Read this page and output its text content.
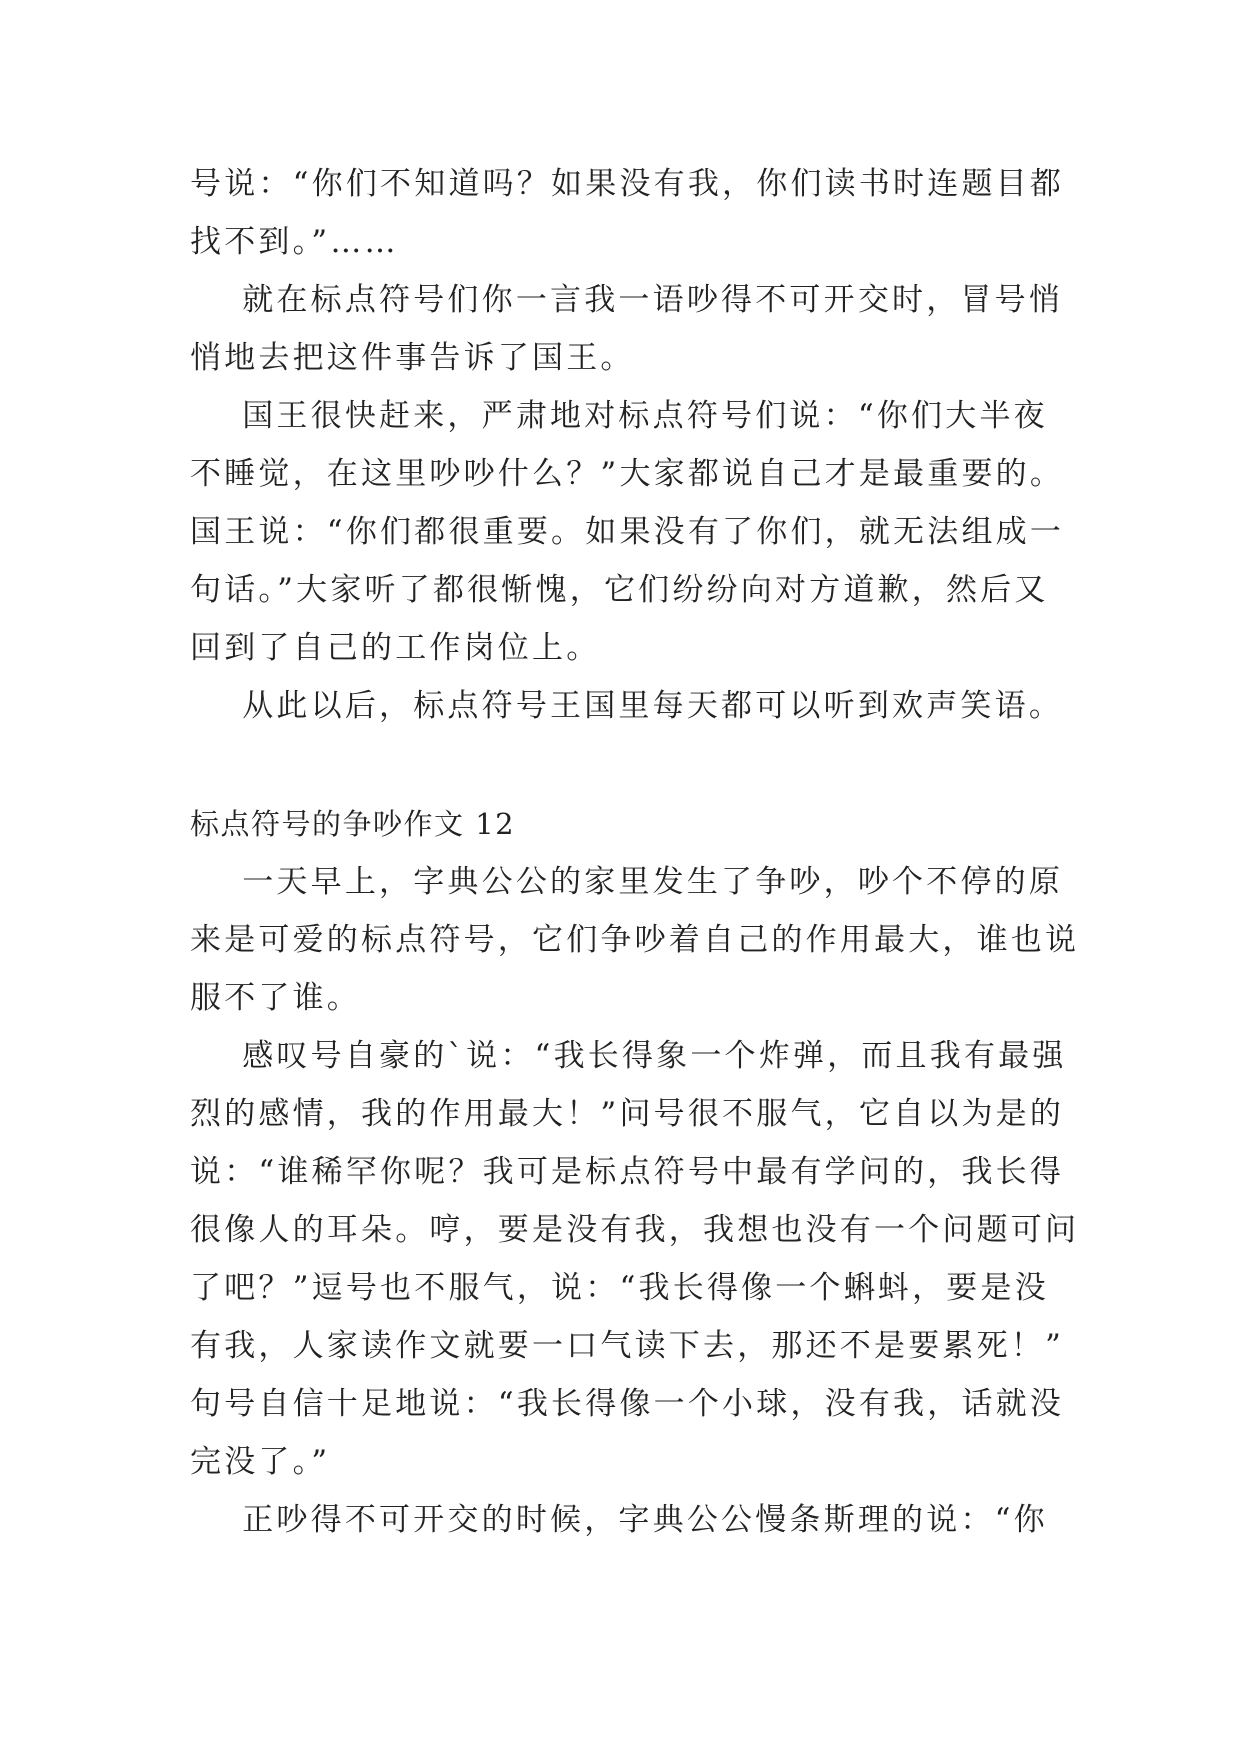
号说：“你们不知道吗？如果没有我，你们读书时连题目都
找不到。”……
就在标点符号们你一言我一语吵得不可开交时，冒号悄
悄地去把这件事告诉了国王。
国王很快赶来，严肃地对标点符号们说：“你们大半夜
不睡觉，在这里吵吵什么？”大家都说自己才是最重要的。
国王说：“你们都很重要。如果没有了你们，就无法组成一
句话。”大家听了都很惭愧，它们纷纷向对方道歉，然后又
回到了自己的工作岗位上。
从此以后，标点符号王国里每天都可以听到欢声笑语。
标点符号的争吵作文 12
一天早上，字典公公的家里发生了争吵，吵个不停的原
来是可爱的标点符号，它们争吵着自己的作用最大，谁也说
服不了谁。
感叹号自豪的`说：“我长得象一个炸弹，而且我有最强
烈的感情，我的作用最大！”问号很不服气，它自以为是的
说：“谁稀罕你呢？我可是标点符号中最有学问的，我长得
很像人的耳朵。哼，要是没有我，我想也没有一个问题可问
了吧？”逗号也不服气，说：“我长得像一个蝌蚪，要是没
有我，人家读作文就要一口气读下去，那还不是要累死！”
句号自信十足地说：“我长得像一个小球，没有我，话就没
完没了。”
正吵得不可开交的时候，字典公公慢条斯理的说：“你
